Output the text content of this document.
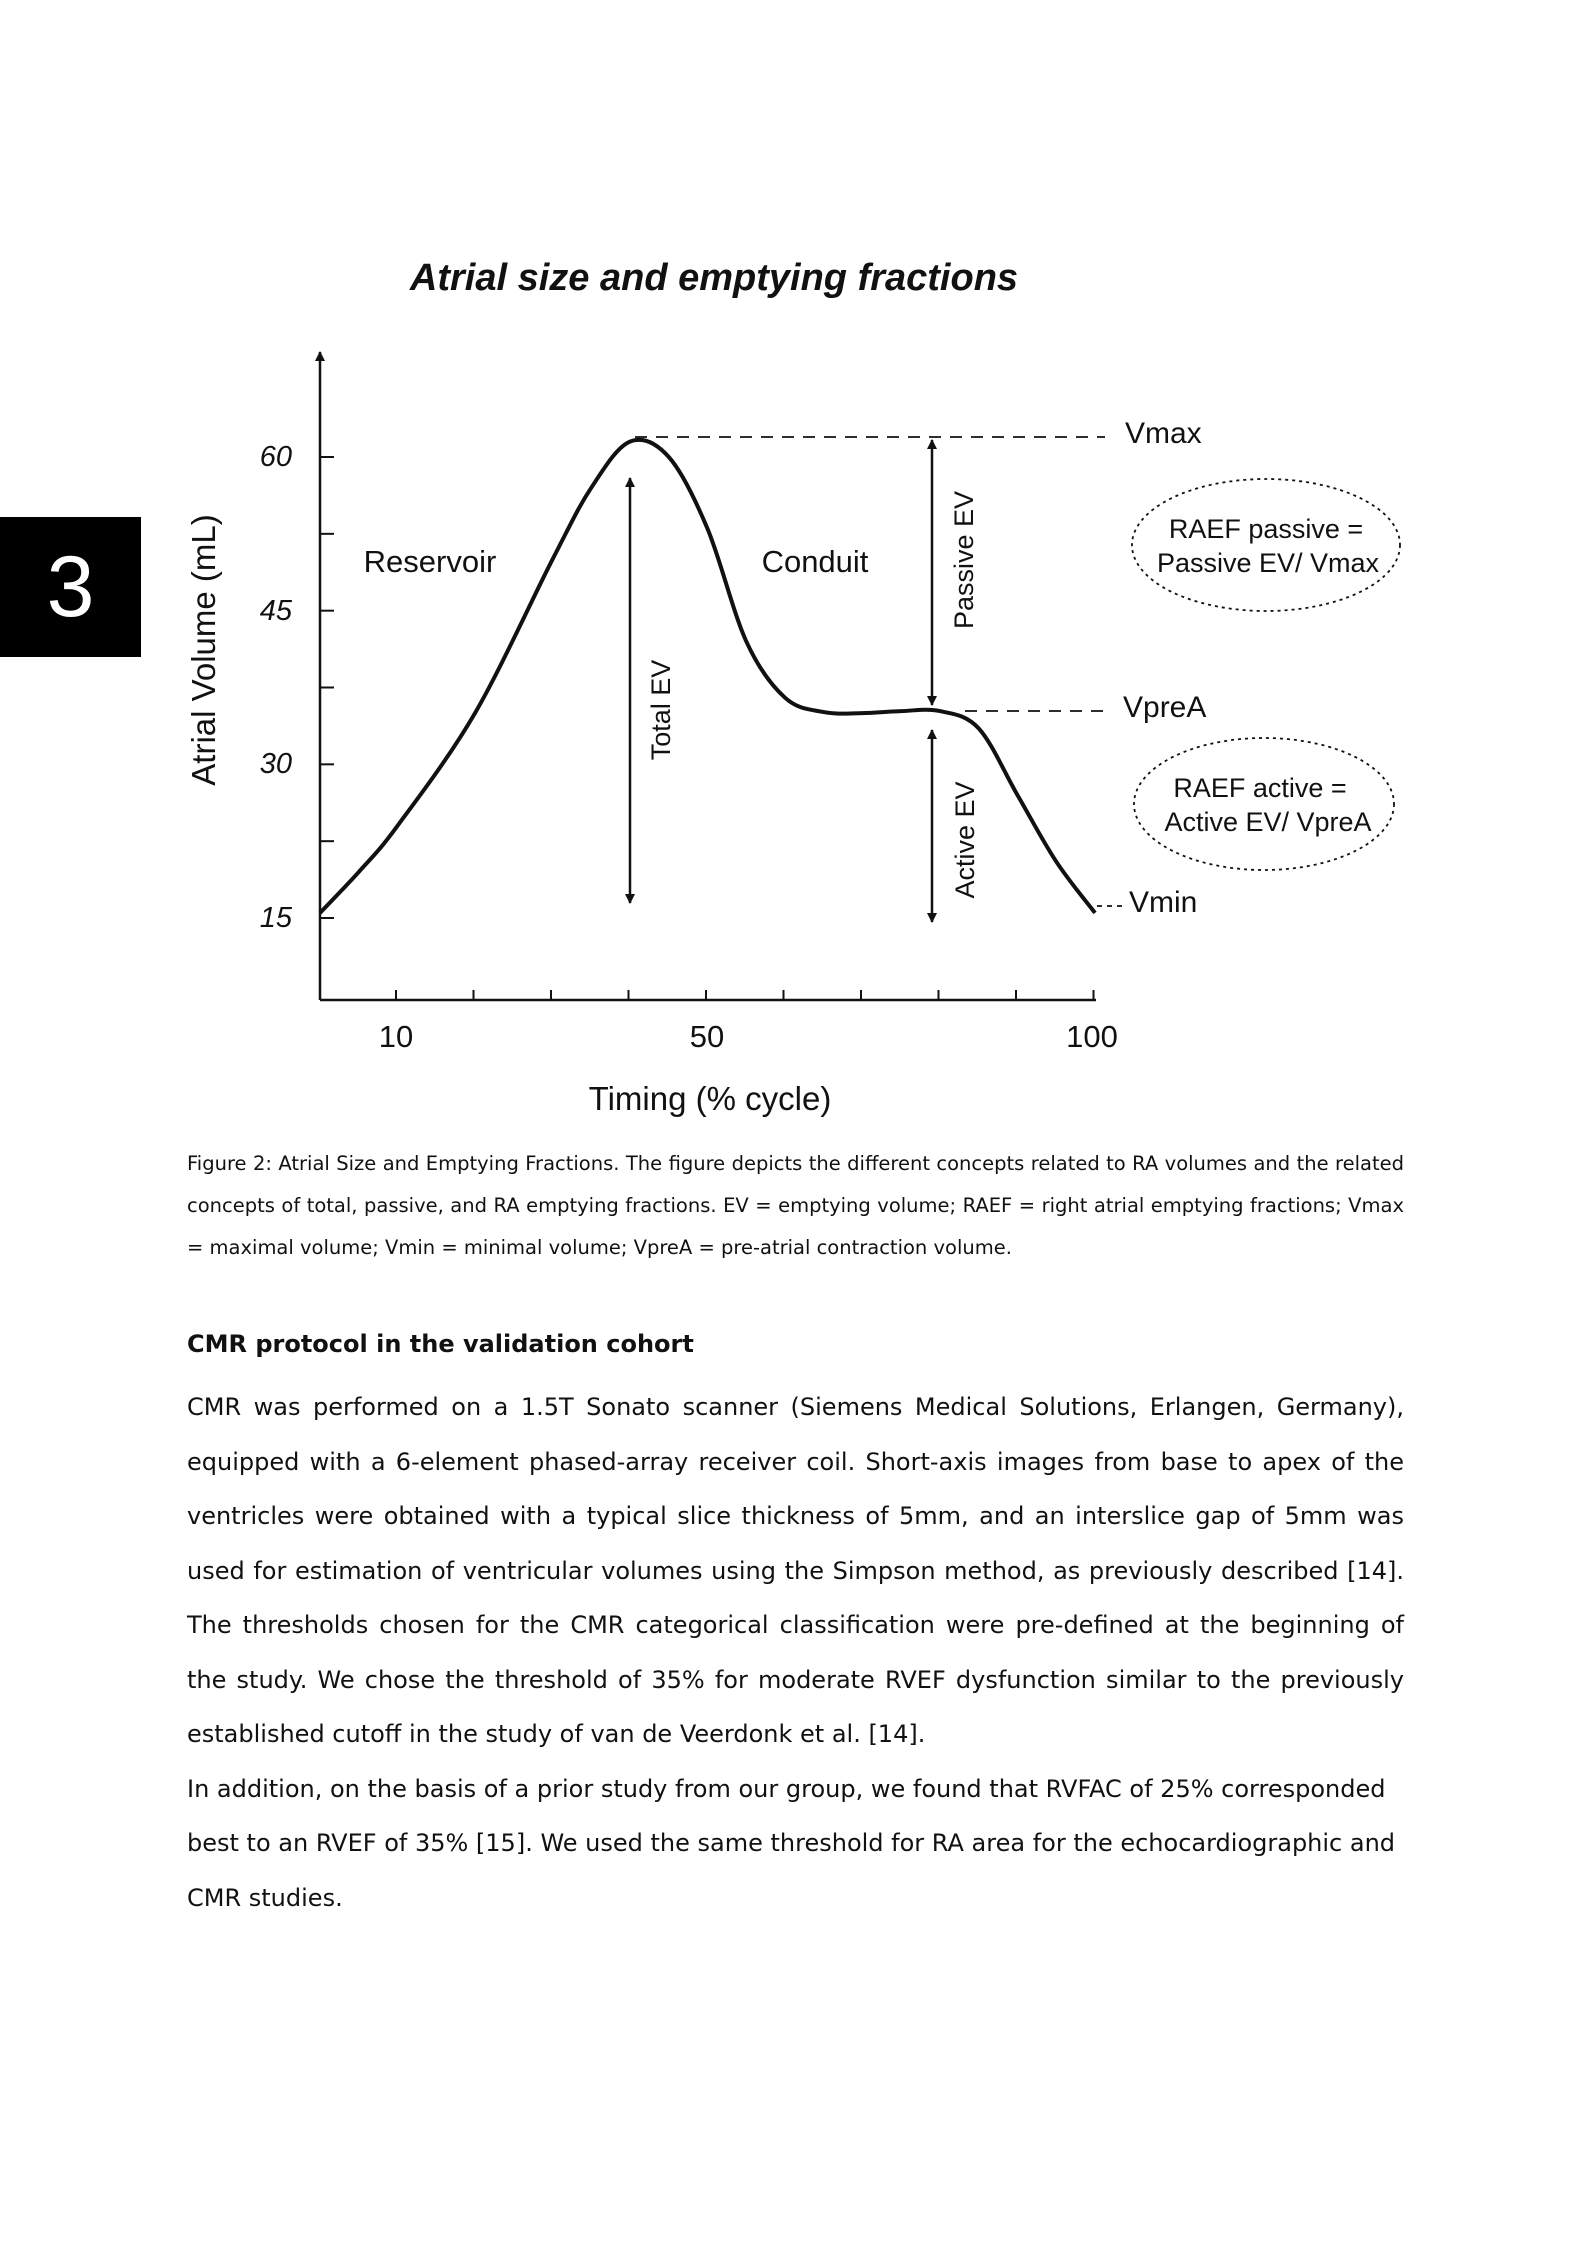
3
Atrial size and emptying fractions
60
45
30
15
10	50	100
Timing (% cycle)
Atrial Volume (mL)	Reservoir	Conduit
Total EV
Passive EV
Active EV
Vmax
VpreA
Vmin
RAEF passive =
Passive EV/ Vmax
RAEF active =
Active EV/ VpreA
Figure 2: Atrial Size and Emptying Fractions. The figure depicts the different concepts related to RA volumes and the related concepts of total, passive, and RA emptying fractions. EV = emptying volume; RAEF = right atrial emptying fractions; Vmax = maximal volume; Vmin = minimal volume; VpreA = pre-atrial contraction volume.
CMR protocol in the validation cohort

CMR was performed on a 1.5T Sonato scanner (Siemens Medical Solutions, Erlangen, Germany), equipped with a 6-element phased-array receiver coil. Short-axis images from base to apex of the ventricles were obtained with a typical slice thickness of 5mm, and an interslice gap of 5mm was used for estimation of ventricular volumes using the Simpson method, as previously described [14]. The thresholds chosen for the CMR categorical classification were pre-defined at the beginning of the study. We chose the threshold of 35% for moderate RVEF dysfunction similar to the previously established cutoff in the study of van de Veerdonk et al. [14].

In addition, on the basis of a prior study from our group, we found that RVFAC of 25% corresponded best to an RVEF of 35% [15]. We used the same threshold for RA area for the echocardiographic and CMR studies.
